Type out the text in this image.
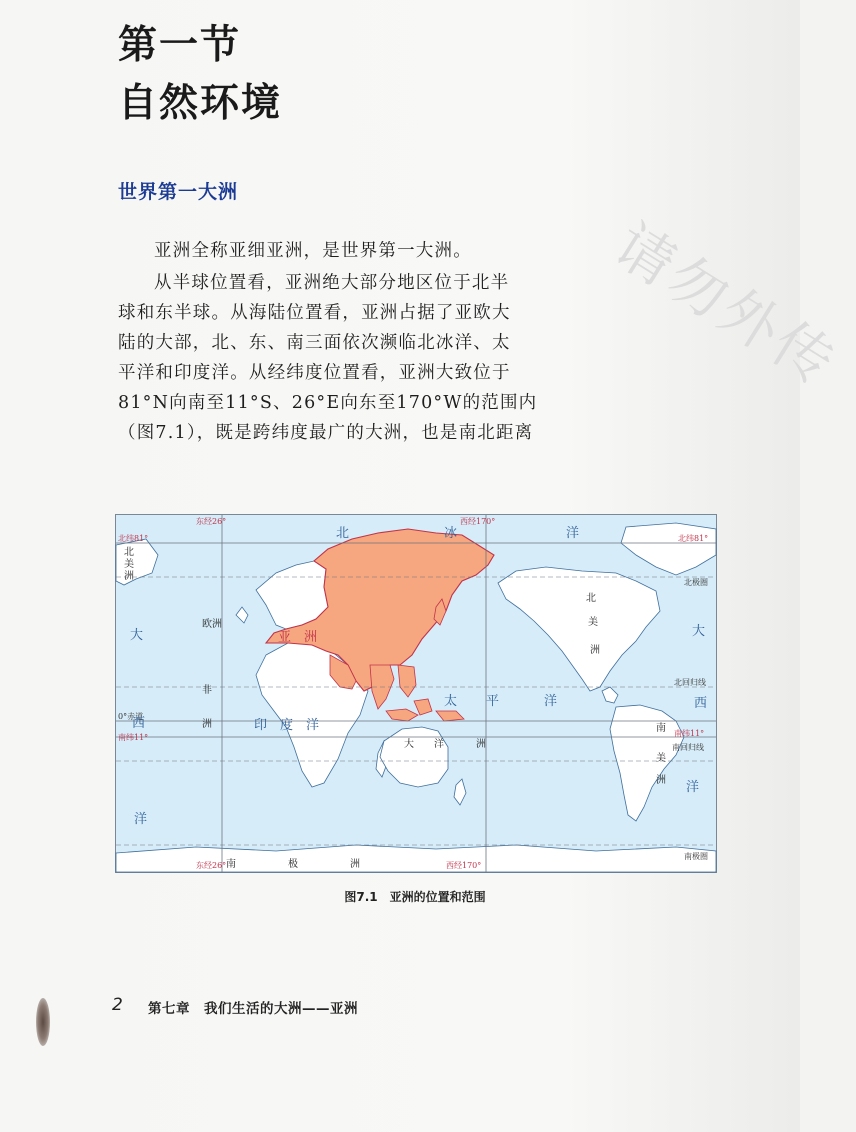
请勿外传
第一节
自然环境
世界第一大洲
亚洲全称亚细亚洲，是世界第一大洲。
从半球位置看，亚洲绝大部分地区位于北半
球和东半球。从海陆位置看，亚洲占据了亚欧大
陆的大部，北、东、南三面依次濒临北冰洋、太
平洋和印度洋。从经纬度位置看，亚洲大致位于
81°N向南至11°S、26°E向东至170°W的范围内
（图7.1），既是跨纬度最广的大洲，也是南北距离
东经26°	西经170°
东经26°	西经170°
北纬81°	北纬81°
南纬11°	南纬11°
0°赤道
北极圈
北回归线
南回归线
南极圈
北	冰	洋
大
西
洋
大
西
洋
太 平	洋
印 度 洋
亚　洲
欧洲
非
洲
大 洋	洲
北
美
洲
北
美
洲
南
美
洲
南	极	洲
图7.1　亚洲的位置和范围
2 第七章　我们生活的大洲——亚洲
